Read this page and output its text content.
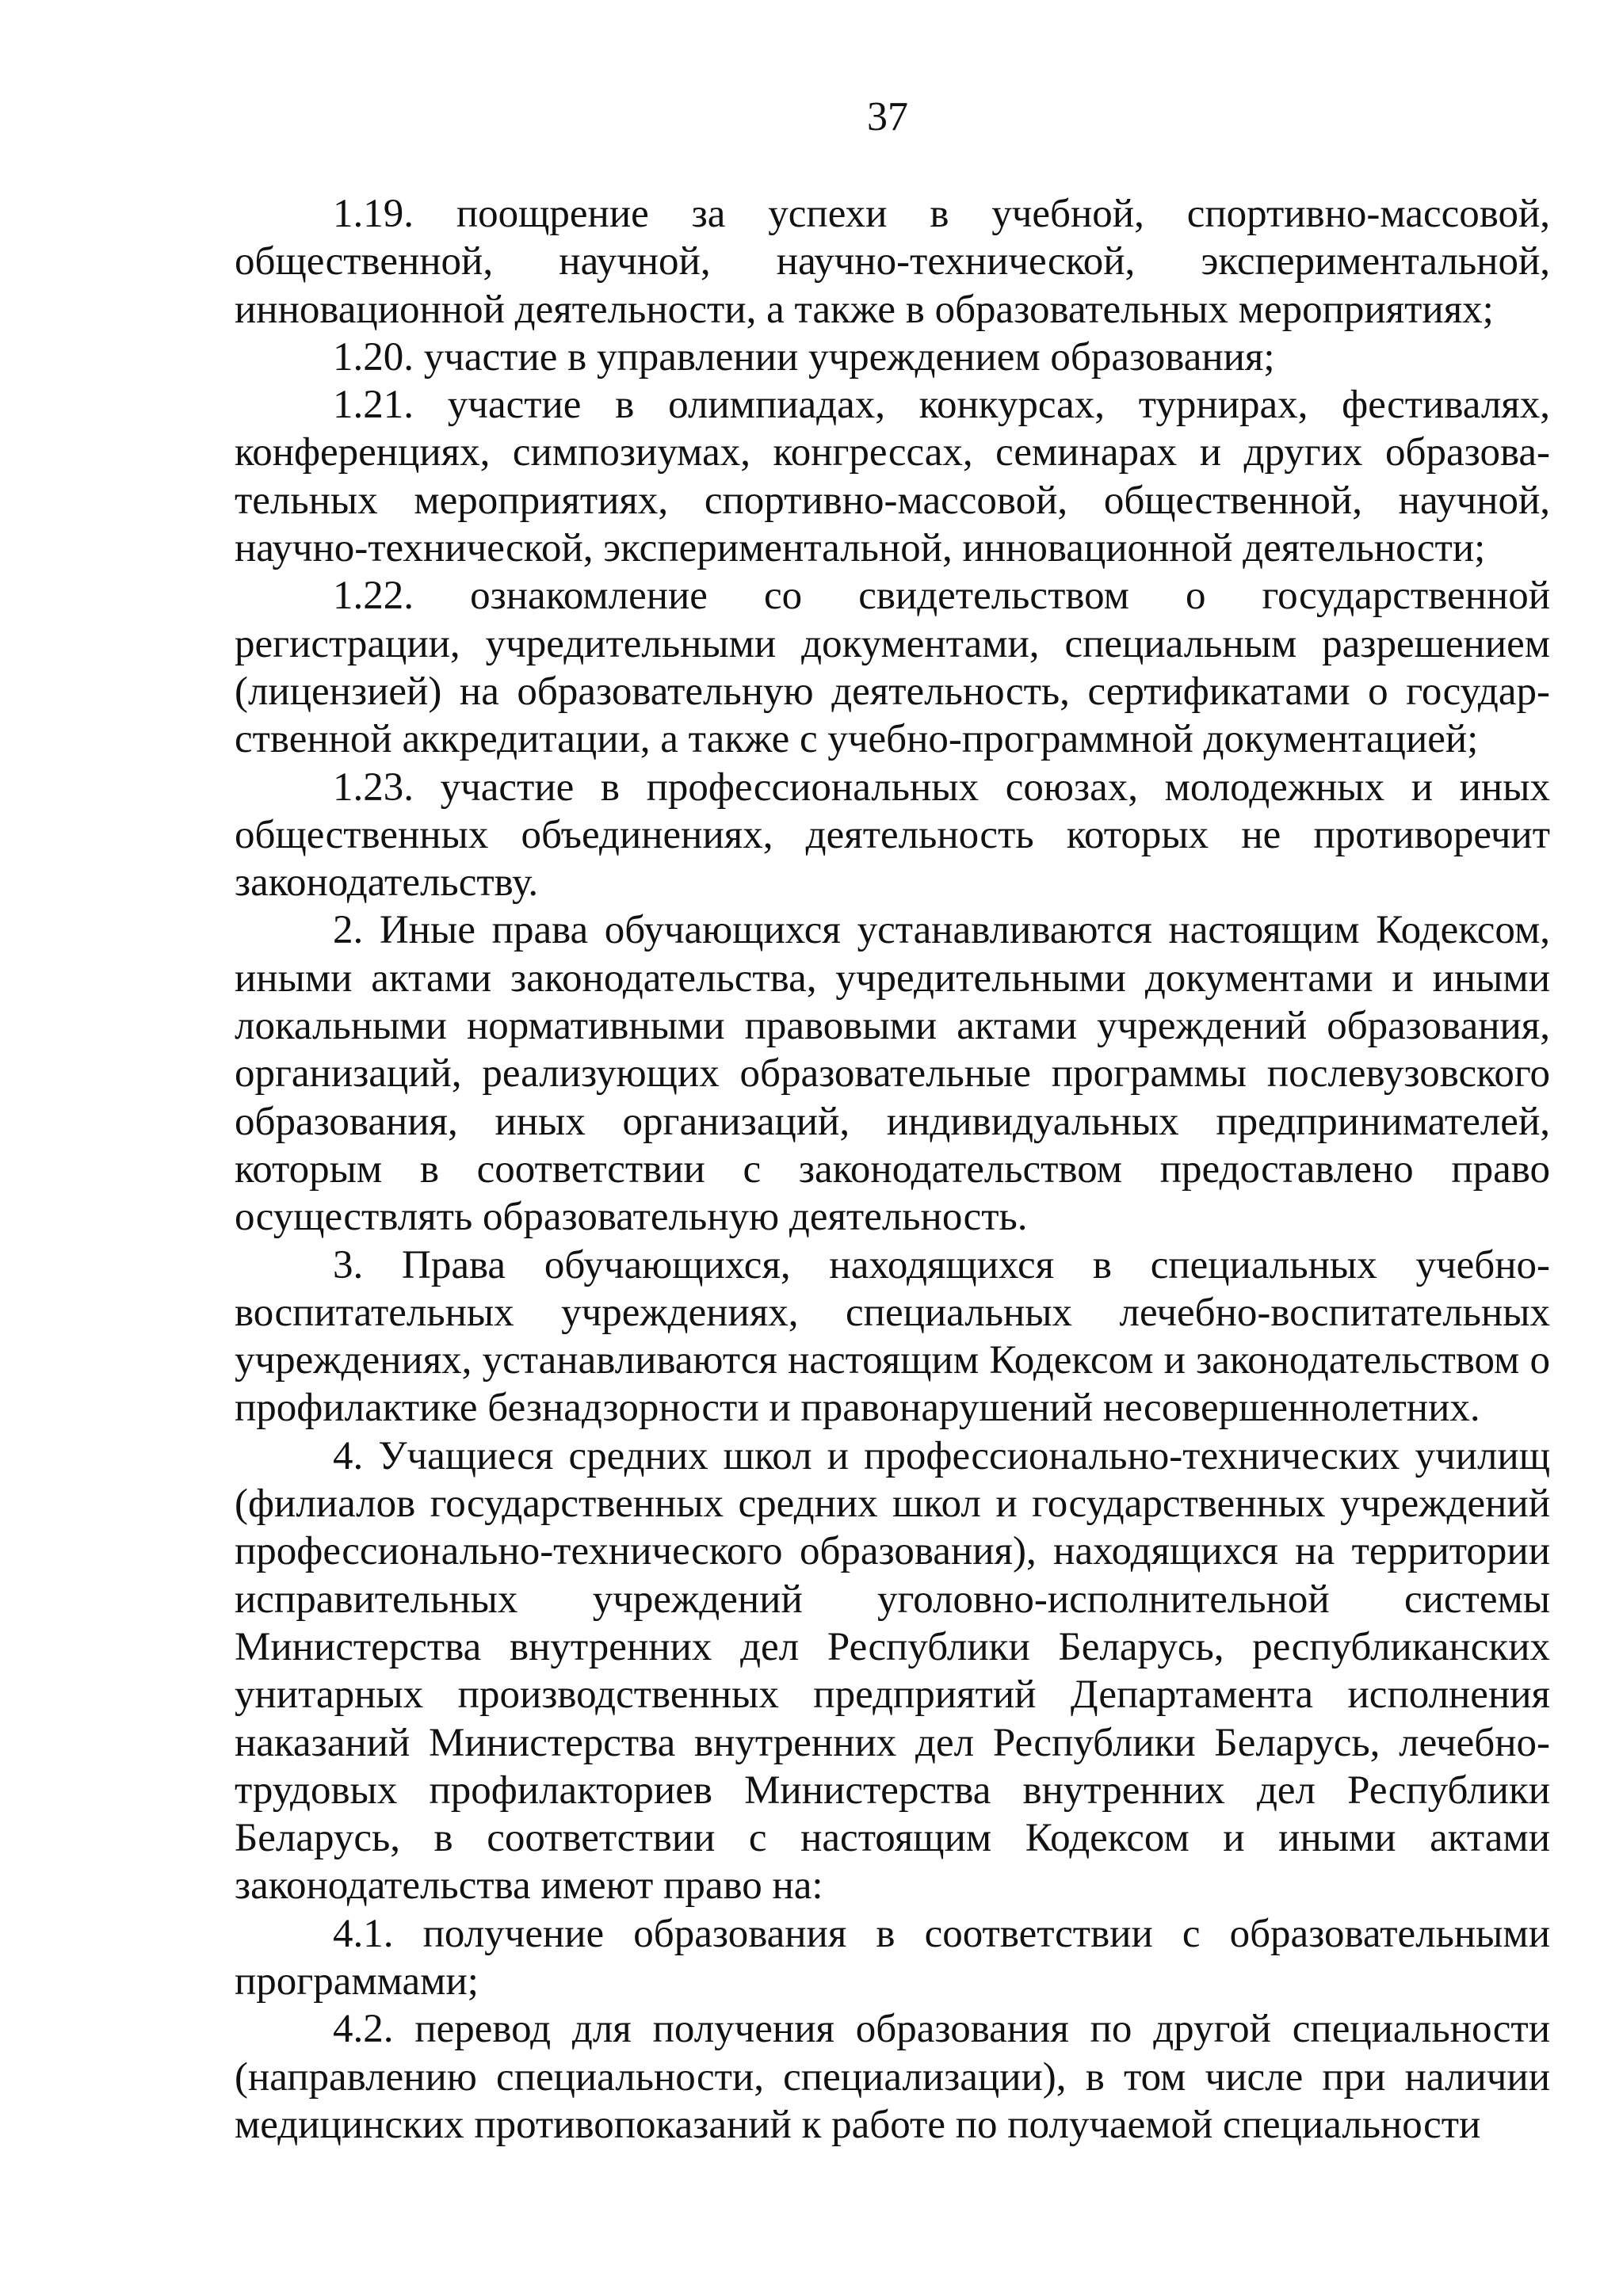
37

1.19. поощрение за успехи в учебной, спортивно-массовой, общественной, научной, научно-технической, экспериментальной, инновационной деятельности, а также в образовательных мероприятиях;

1.20. участие в управлении учреждением образования;

1.21. участие в олимпиадах, конкурсах, турнирах, фестивалях, конференциях, симпозиумах, конгрессах, семинарах и других образова-тельных мероприятиях, спортивно-массовой, общественной, научной, научно-технической, экспериментальной, инновационной деятельности;

1.22. ознакомление со свидетельством о государственной регистрации, учредительными документами, специальным разрешением (лицензией) на образовательную деятельность, сертификатами о государ-ственной аккредитации, а также с учебно-программной документацией;

1.23. участие в профессиональных союзах, молодежных и иных общественных объединениях, деятельность которых не противоречит законодательству.

2. Иные права обучающихся устанавливаются настоящим Кодексом, иными актами законодательства, учредительными документами и иными локальными нормативными правовыми актами учреждений образования, организаций, реализующих образовательные программы послевузовского образования, иных организаций, индивидуальных предпринимателей, которым в соответствии с законодательством предоставлено право осуществлять образовательную деятельность.

3. Права обучающихся, находящихся в специальных учебно-воспитательных учреждениях, специальных лечебно-воспитательных учреждениях, устанавливаются настоящим Кодексом и законодательством о профилактике безнадзорности и правонарушений несовершеннолетних.

4. Учащиеся средних школ и профессионально-технических училищ (филиалов государственных средних школ и государственных учреждений профессионально-технического образования), находящихся на территории исправительных учреждений уголовно-исполнительной системы Министерства внутренних дел Республики Беларусь, республиканских унитарных производственных предприятий Департамента исполнения наказаний Министерства внутренних дел Республики Беларусь, лечебно-трудовых профилакториев Министерства внутренних дел Республики Беларусь, в соответствии с настоящим Кодексом и иными актами законодательства имеют право на:

4.1. получение образования в соответствии с образовательными программами;

4.2. перевод для получения образования по другой специальности (направлению специальности, специализации), в том числе при наличии медицинских противопоказаний к работе по получаемой специальности
